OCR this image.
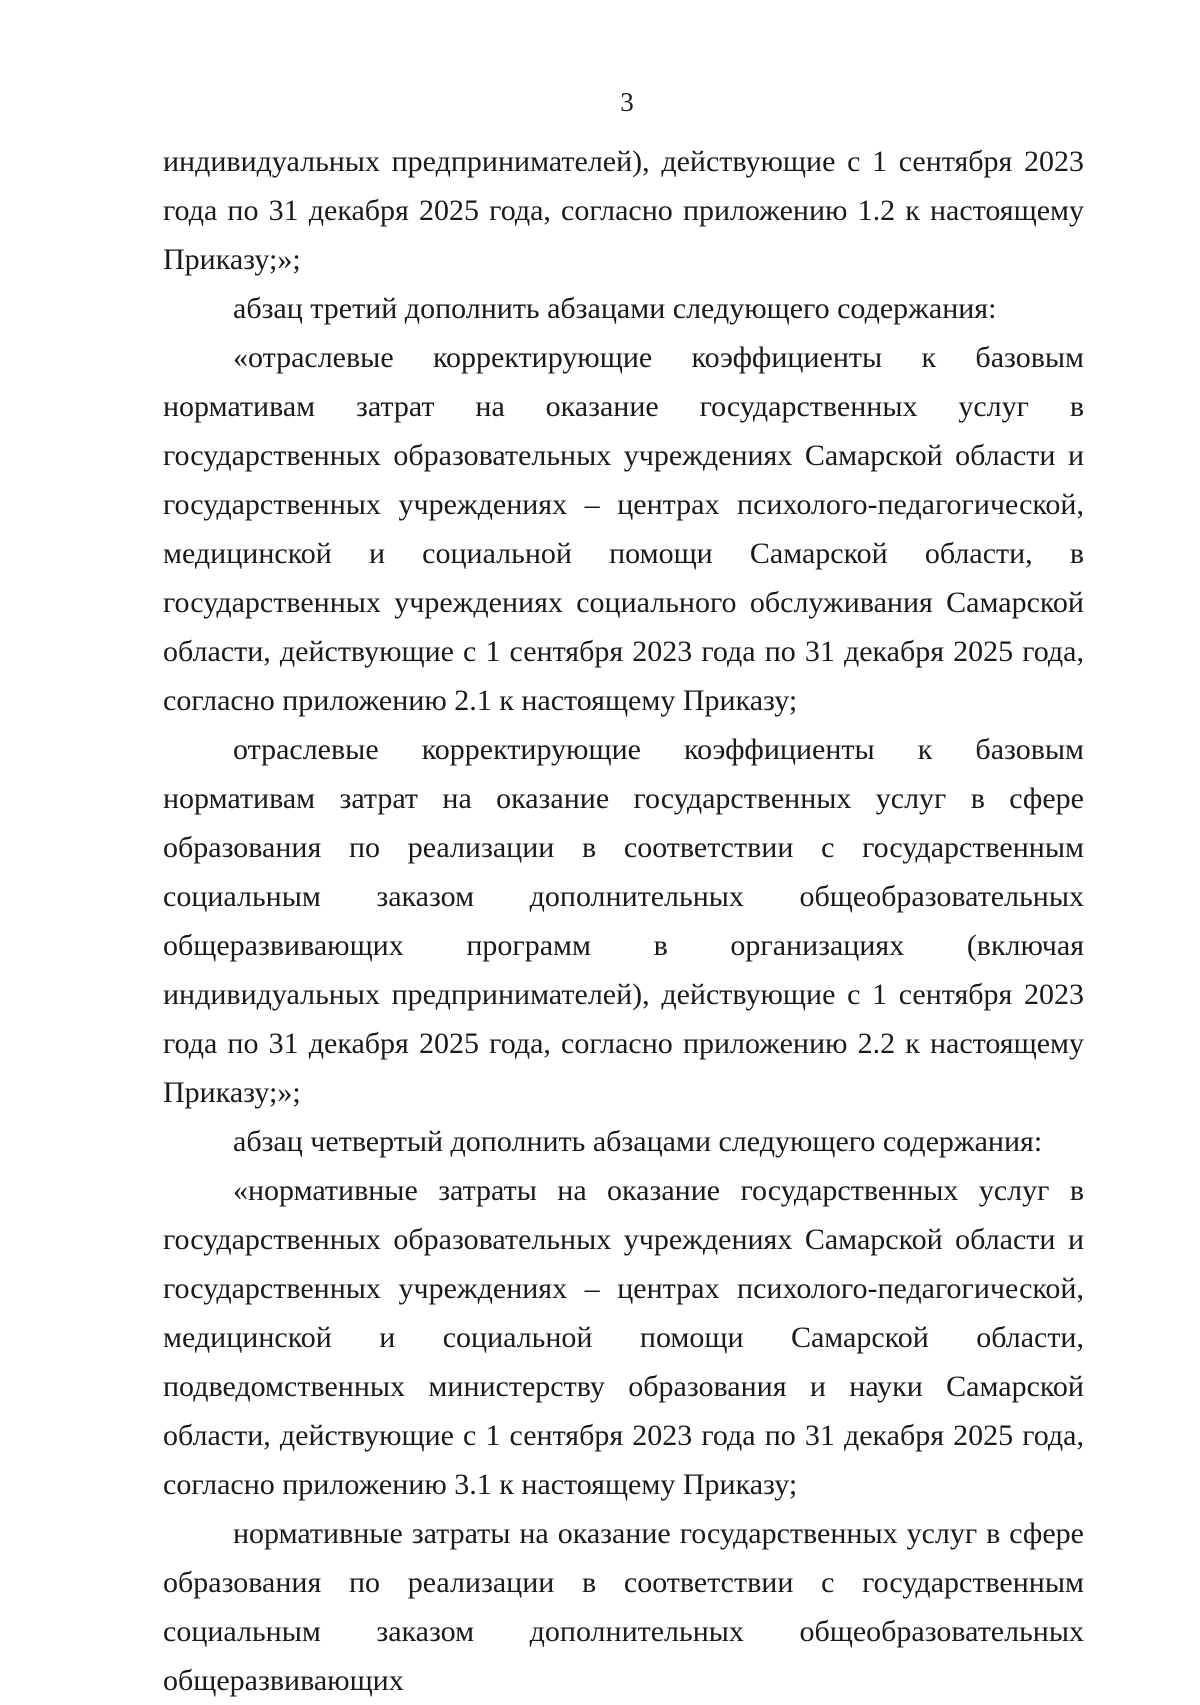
3

индивидуальных предпринимателей), действующие с 1 сентября 2023 года по 31 декабря 2025 года, согласно приложению 1.2 к настоящему Приказу;»;

абзац третий дополнить абзацами следующего содержания:

«отраслевые корректирующие коэффициенты к базовым нормативам затрат на оказание государственных услуг в государственных образовательных учреждениях Самарской области и государственных учреждениях – центрах психолого-педагогической, медицинской и социальной помощи Самарской области, в государственных учреждениях социального обслуживания Самарской области, действующие с 1 сентября 2023 года по 31 декабря 2025 года, согласно приложению 2.1 к настоящему Приказу;

отраслевые корректирующие коэффициенты к базовым нормативам затрат на оказание государственных услуг в сфере образования по реализации в соответствии с государственным социальным заказом дополнительных общеобразовательных общеразвивающих программ в организациях (включая индивидуальных предпринимателей), действующие с 1 сентября 2023 года по 31 декабря 2025 года, согласно приложению 2.2 к настоящему Приказу;»;

абзац четвертый дополнить абзацами следующего содержания:

«нормативные затраты на оказание государственных услуг в государственных образовательных учреждениях Самарской области и государственных учреждениях – центрах психолого-педагогической, медицинской и социальной помощи Самарской области, подведомственных министерству образования и науки Самарской области, действующие с 1 сентября 2023 года по 31 декабря 2025 года, согласно приложению 3.1 к настоящему Приказу;

нормативные затраты на оказание государственных услуг в сфере образования по реализации в соответствии с государственным социальным заказом дополнительных общеобразовательных общеразвивающих
